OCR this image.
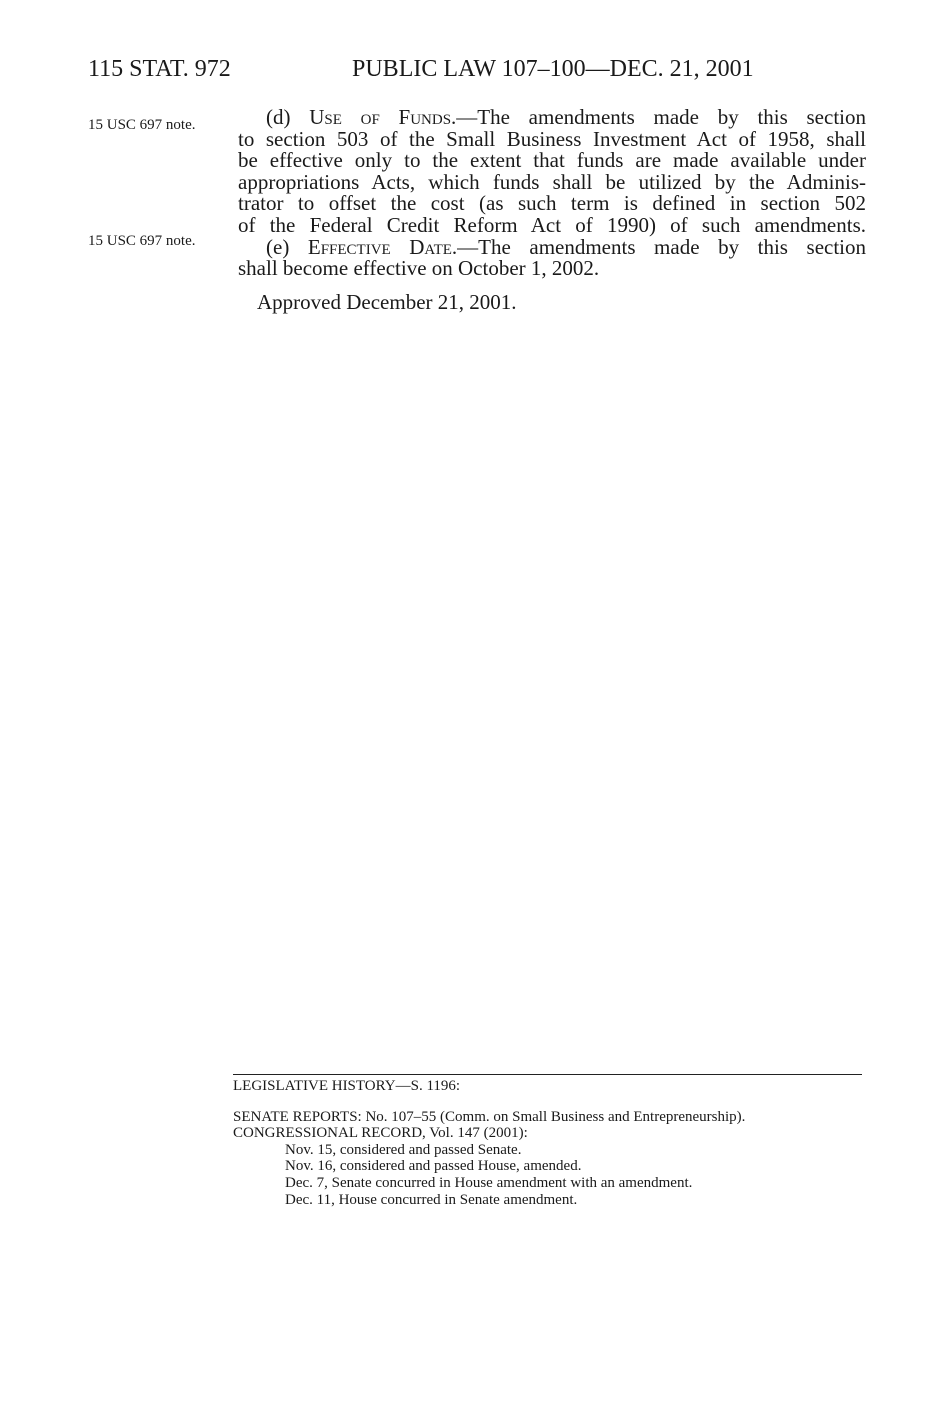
115 STAT. 972	PUBLIC LAW 107–100—DEC. 21, 2001
15 USC 697 note.
15 USC 697 note.
(d) Use of Funds.—The amendments made by this section
to section 503 of the Small Business Investment Act of 1958, shall
be effective only to the extent that funds are made available under
appropriations Acts, which funds shall be utilized by the Adminis-
trator to offset the cost (as such term is defined in section 502
of the Federal Credit Reform Act of 1990) of such amendments.
(e) Effective Date.—The amendments made by this section
shall become effective on October 1, 2002.
Approved December 21, 2001.
LEGISLATIVE HISTORY—S. 1196:
SENATE REPORTS: No. 107–55 (Comm. on Small Business and Entrepreneurship).
CONGRESSIONAL RECORD, Vol. 147 (2001):
Nov. 15, considered and passed Senate.
Nov. 16, considered and passed House, amended.
Dec. 7, Senate concurred in House amendment with an amendment.
Dec. 11, House concurred in Senate amendment.
